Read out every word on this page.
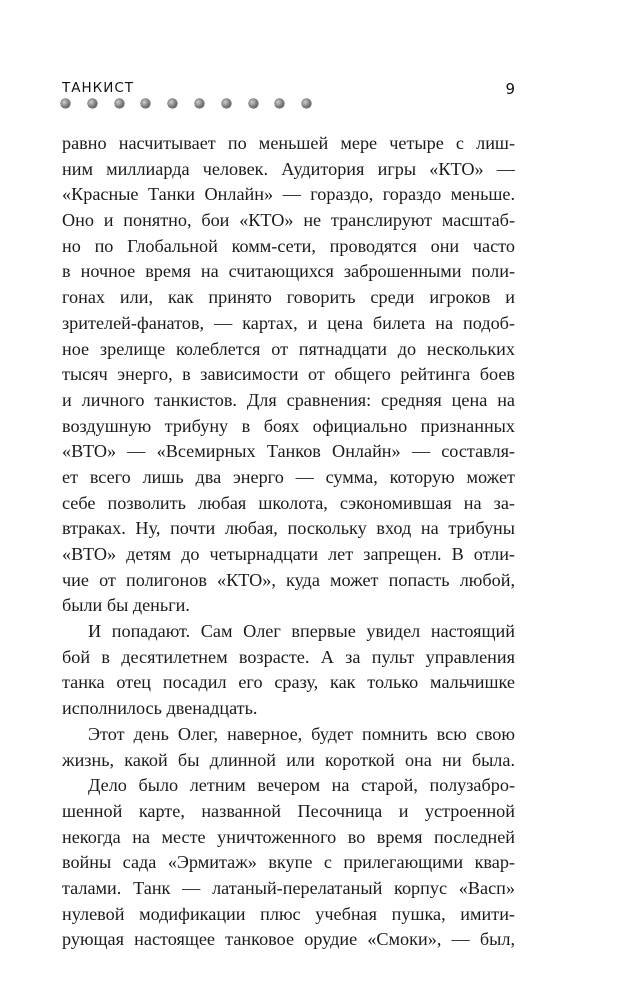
ТАНКИСТ	9
равно насчитывает по меньшей мере четыре с лиш-
ним миллиарда человек. Аудитория игры «КТО» —
«Красные Танки Онлайн» — гораздо, гораздо меньше.
Оно и понятно, бои «КТО» не транслируют масштаб-
но по Глобальной комм-сети, проводятся они часто
в ночное время на считающихся заброшенными поли-
гонах или, как принято говорить среди игроков и
зрителей-фанатов, — картах, и цена билета на подоб-
ное зрелище колеблется от пятнадцати до нескольких
тысяч энерго, в зависимости от общего рейтинга боев
и личного танкистов. Для сравнения: средняя цена на
воздушную трибуну в боях официально признанных
«ВТО» — «Всемирных Танков Онлайн» — составля-
ет всего лишь два энерго — сумма, которую может
себе позволить любая школота, сэкономившая на за-
втраках. Ну, почти любая, поскольку вход на трибуны
«ВТО» детям до четырнадцати лет запрещен. В отли-
чие от полигонов «КТО», куда может попасть любой,
были бы деньги.
И попадают. Сам Олег впервые увидел настоящий
бой в десятилетнем возрасте. А за пульт управления
танка отец посадил его сразу, как только мальчишке
исполнилось двенадцать.
Этот день Олег, наверное, будет помнить всю свою
жизнь, какой бы длинной или короткой она ни была.
Дело было летним вечером на старой, полузабро-
шенной карте, названной Песочница и устроенной
некогда на месте уничтоженного во время последней
войны сада «Эрмитаж» вкупе с прилегающими квар-
талами. Танк — латаный-перелатаный корпус «Васп»
нулевой модификации плюс учебная пушка, имити-
рующая настоящее танковое орудие «Смоки», — был,
